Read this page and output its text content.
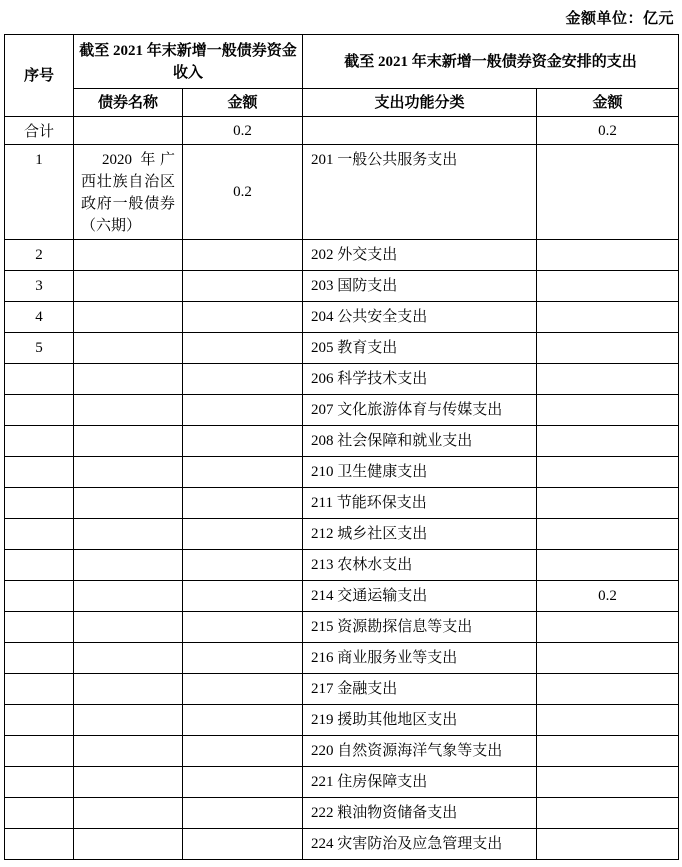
金额单位：亿元
序号	截至 2021 年末新增一般债券资金收入		截至 2021 年末新增一般债券资金安排的支出	
	债券名称	金额	支出功能分类	金额
合计		0.2		0.2
1	2020 年广西壮族自治区政府一般债券（六期）	0.2	201 一般公共服务支出	
2			202 外交支出	
3			203 国防支出	
4			204 公共安全支出	
5			205 教育支出	
			206 科学技术支出	
			207 文化旅游体育与传媒支出	
			208 社会保障和就业支出	
			210 卫生健康支出	
			211 节能环保支出	
			212 城乡社区支出	
			213 农林水支出	
			214 交通运输支出	0.2
			215 资源勘探信息等支出	
			216 商业服务业等支出	
			217 金融支出	
			219 援助其他地区支出	
			220 自然资源海洋气象等支出	
			221 住房保障支出	
			222 粮油物资储备支出	
			224 灾害防治及应急管理支出	
